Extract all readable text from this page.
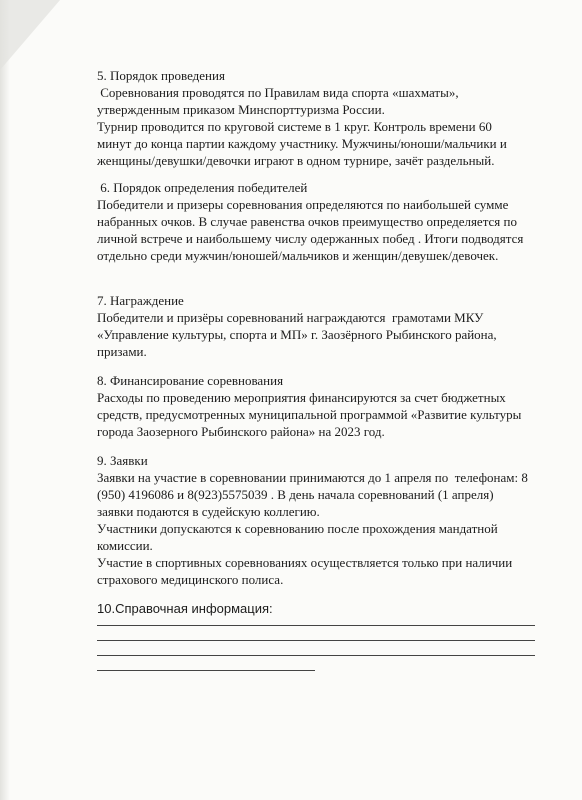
5. Порядок проведения
Соревнования проводятся по Правилам вида спорта «шахматы»,
утвержденным приказом Минспорттуризма России.
Турнир проводится по круговой системе в 1 круг. Контроль времени 60
минут до конца партии каждому участнику. Мужчины/юноши/мальчики и
женщины/девушки/девочки играют в одном турнире, зачёт раздельный.
6. Порядок определения победителей
Победители и призеры соревнования определяются по наибольшей сумме
набранных очков. В случае равенства очков преимущество определяется по
личной встрече и наибольшему числу одержанных побед . Итоги подводятся
отдельно среди мужчин/юношей/мальчиков и женщин/девушек/девочек.
7. Награждение
Победители и призёры соревнований награждаются  грамотами МКУ
«Управление культуры, спорта и МП» г. Заозёрного Рыбинского района,
призами.
8. Финансирование соревнования
Расходы по проведению мероприятия финансируются за счет бюджетных
средств, предусмотренных муниципальной программой «Развитие культуры
города Заозерного Рыбинского района» на 2023 год.
9. Заявки
Заявки на участие в соревновании принимаются до 1 апреля по  телефонам: 8
(950) 4196086 и 8(923)5575039 . В день начала соревнований (1 апреля)
заявки подаются в судейскую коллегию.
Участники допускаются к соревнованию после прохождения мандатной
комиссии.
Участие в спортивных соревнованиях осуществляется только при наличии
страхового медицинского полиса.
10.Справочная информация:
